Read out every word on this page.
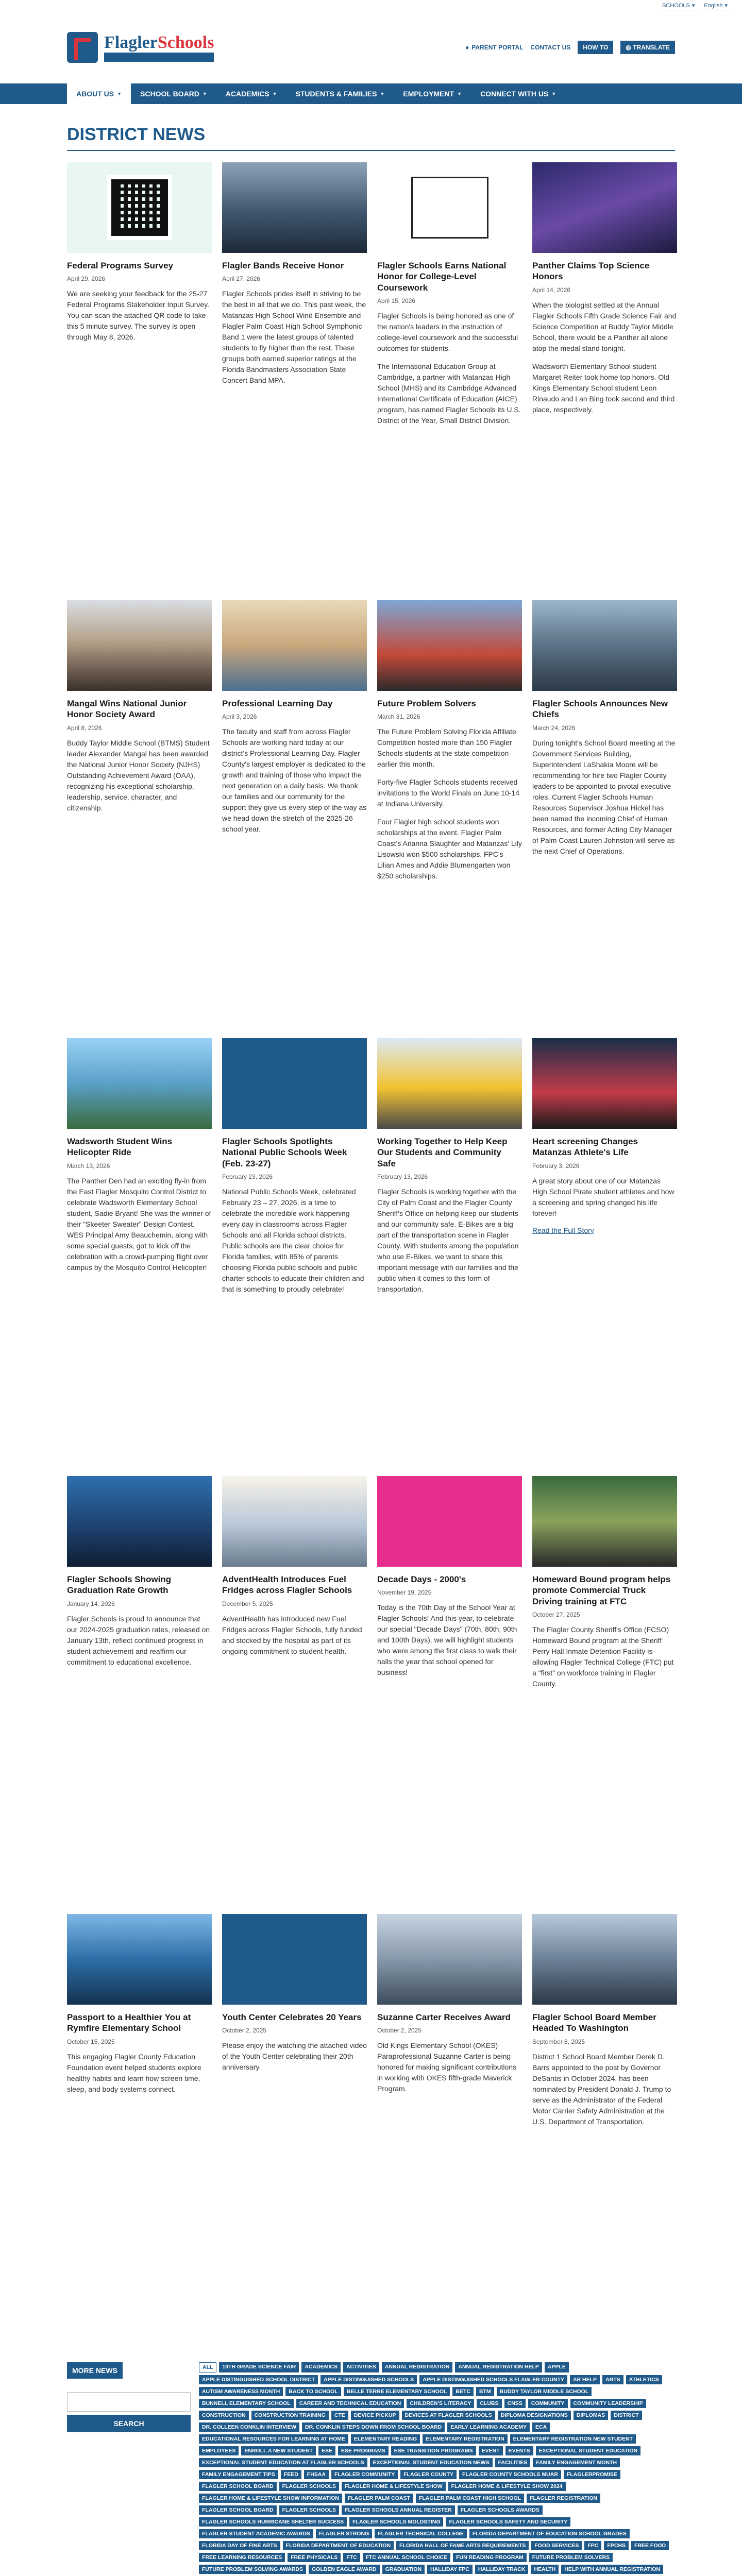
SCHOOLS ▾ English ▾
FlaglerSchools
Engage Educate Empower
● PARENT PORTAL CONTACT US	HOW TO	◍ TRANSLATE
ABOUT US ▼	SCHOOL BOARD ▼	ACADEMICS ▼	STUDENTS & FAMILIES ▼	EMPLOYMENT ▼	CONNECT WITH US ▼
DISTRICT NEWS
Federal Programs Survey
April 29, 2026

We are seeking your feedback for the 25-27 Federal Programs Stakeholder Input Survey. You can scan the attached QR code to take this 5 minute survey. The survey is open through May 8, 2026.

Flagler Bands Receive Honor
April 27, 2026

Flagler Schools prides itself in striving to be the best in all that we do. This past week, the Matanzas High School Wind Ensemble and Flagler Palm Coast High School Symphonic Band 1 were the latest groups of talented students to fly higher than the rest. These groups both earned superior ratings at the Florida Bandmasters Association State Concert Band MPA.

Flagler Schools Earns National Honor for College-Level Coursework
April 15, 2026

Flagler Schools is being honored as one of the nation's leaders in the instruction of college-level coursework and the successful outcomes for students.

The International Education Group at Cambridge, a partner with Matanzas High School (MHS) and its Cambridge Advanced International Certificate of Education (AICE) program, has named Flagler Schools its U.S. District of the Year, Small District Division.

Panther Claims Top Science Honors
April 14, 2026

When the biologist settled at the Annual Flagler Schools Fifth Grade Science Fair and Science Competition at Buddy Taylor Middle School, there would be a Panther all alone atop the medal stand tonight.

Wadsworth Elementary School student Margaret Reiter took home top honors. Old Kings Elementary School student Leon Rinaudo and Lan Bing took second and third place, respectively.

Mangal Wins National Junior Honor Society Award
April 8, 2026

Buddy Taylor Middle School (BTMS) Student leader Alexander Mangal has been awarded the National Junior Honor Society (NJHS) Outstanding Achievement Award (OAA), recognizing his exceptional scholarship, leadership, service, character, and citizenship.

Professional Learning Day
April 3, 2026

The faculty and staff from across Flagler Schools are working hard today at our district's Professional Learning Day. Flagler County's largest employer is dedicated to the growth and training of those who impact the next generation on a daily basis. We thank our families and our community for the support they give us every step of the way as we head down the stretch of the 2025-26 school year.

Future Problem Solvers
March 31, 2026

The Future Problem Solving Florida Affiliate Competition hosted more than 150 Flagler Schools students at the state competition earlier this month.

Forty-five Flagler Schools students received invitations to the World Finals on June 10-14 at Indiana University.

Four Flagler high school students won scholarships at the event. Flagler Palm Coast's Arianna Slaughter and Matanzas' Lily Lisowski won $500 scholarships. FPC's Lilian Ames and Addie Blumengarten won $250 scholarships.

Flagler Schools Announces New Chiefs
March 24, 2026

During tonight's School Board meeting at the Government Services Building, Superintendent LaShakia Moore will be recommending for hire two Flagler County leaders to be appointed to pivotal executive roles. Current Flagler Schools Human Resources Supervisor Joshua Hickel has been named the incoming Chief of Human Resources, and former Acting City Manager of Palm Coast Lauren Johnston will serve as the next Chief of Operations.

Wadsworth Student Wins Helicopter Ride
March 13, 2026

The Panther Den had an exciting fly-in from the East Flagler Mosquito Control District to celebrate Wadsworth Elementary School student, Sadie Bryant! She was the winner of their "Skeeter Sweater" Design Contest. WES Principal Amy Beauchemin, along with some special guests, got to kick off the celebration with a crowd-pumping flight over campus by the Mosquito Control Helicopter!

Flagler Schools Spotlights National Public Schools Week (Feb. 23-27)
February 23, 2026

National Public Schools Week, celebrated February 23 – 27, 2026, is a time to celebrate the incredible work happening every day in classrooms across Flagler Schools and all Florida school districts. Public schools are the clear choice for Florida families, with 85% of parents choosing Florida public schools and public charter schools to educate their children and that is something to proudly celebrate!

Working Together to Help Keep Our Students and Community Safe
February 13, 2026

Flagler Schools is working together with the City of Palm Coast and the Flagler County Sheriff's Office on helping keep our students and our community safe. E-Bikes are a big part of the transportation scene in Flagler County. With students among the population who use E-Bikes, we want to share this important message with our families and the public when it comes to this form of transportation.

Heart screening Changes Matanzas Athlete's Life
February 3, 2026

A great story about one of our Matanzas High School Pirate student athletes and how a screening and spring changed his life forever!

Read the Full Story
Flagler Schools Showing Graduation Rate Growth
January 14, 2026

Flagler Schools is proud to announce that our 2024-2025 graduation rates, released on January 13th, reflect continued progress in student achievement and reaffirm our commitment to educational excellence.

AdventHealth Introduces Fuel Fridges across Flagler Schools
December 5, 2025

AdventHealth has introduced new Fuel Fridges across Flagler Schools, fully funded and stocked by the hospital as part of its ongoing commitment to student health.

Decade Days - 2000's
November 19, 2025

Today is the 70th Day of the School Year at Flagler Schools! And this year, to celebrate our special "Decade Days" (70th, 80th, 90th and 100th Days), we will highlight students who were among the first class to walk their halls the year that school opened for business!

Homeward Bound program helps promote Commercial Truck Driving training at FTC
October 27, 2025

The Flagler County Sheriff's Office (FCSO) Homeward Bound program at the Sheriff Perry Hall Inmate Detention Facility is allowing Flagler Technical College (FTC) put a "first" on workforce training in Flagler County.

Passport to a Healthier You at Rymfire Elementary School
October 15, 2025

This engaging Flagler County Education Foundation event helped students explore healthy habits and learn how screen time, sleep, and body systems connect.

Youth Center Celebrates 20 Years
October 2, 2025

Please enjoy the watching the attached video of the Youth Center celebrating their 20th anniversary.

Suzanne Carter Receives Award
October 2, 2025

Old Kings Elementary School (OKES) Paraprofessional Suzanne Carter is being honored for making significant contributions in working with OKES fifth-grade Maverick Program.

Flagler School Board Member Headed To Washington
September 8, 2025

District 1 School Board Member Derek D. Barrs appointed to the post by Governor DeSantis in October 2024, has been nominated by President Donald J. Trump to serve as the Administrator of the Federal Motor Carrier Safety Administration at the U.S. Department of Transportation.

MORE NEWS  SEARCH
ALL	10TH GRADE SCIENCE FAIR	ACADEMICS	ACTIVITIES	ANNUAL REGISTRATION	ANNUAL REGISTRATION HELP	APPLE
APPLE DISTINGUISHED SCHOOL DISTRICT	APPLE DISTINGUISHED SCHOOLS	APPLE DISTINGUISHED SCHOOLS FLAGLER COUNTY	AR HELP	ARTS	ATHLETICS
AUTISM AWARENESS MONTH	BACK TO SCHOOL	BELLE TERRE ELEMENTARY SCHOOL	BETC	BTM	BUDDY TAYLOR MIDDLE SCHOOL
BUNNELL ELEMENTARY SCHOOL	CAREER AND TECHNICAL EDUCATION	CHILDREN'S LITERACY	CLUBS	CNSS	COMMUNITY	COMMUNITY LEADERSHIP
CONSTRUCTION	CONSTRUCTION TRAINING	CTE	DEVICE PICKUP	DEVICES AT FLAGLER SCHOOLS	DIPLOMA DESIGNATIONS	DIPLOMAS	DISTRICT
DR. COLLEEN CONKLIN INTERVIEW	DR. CONKLIN STEPS DOWN FROM SCHOOL BOARD	EARLY LEARNING ACADEMY	ECA
EDUCATIONAL RESOURCES FOR LEARNING AT HOME	ELEMENTARY READING	ELEMENTARY REGISTRATION	ELEMENTARY REGISTRATION NEW STUDENT
EMPLOYEES	ENROLL A NEW STUDENT	ESE	ESE PROGRAMS	ESE TRANSITION PROGRAMS	EVENT	EVENTS	EXCEPTIONAL STUDENT EDUCATION
EXCEPTIONAL STUDENT EDUCATION AT FLAGLER SCHOOLS	EXCEPTIONAL STUDENT EDUCATION NEWS	FACILITIES	FAMILY ENGAGEMENT MONTH
FAMILY ENGAGEMENT TIPS	FEED	FHSAA	FLAGLER COMMUNITY	FLAGLER COUNTY	FLAGLER COUNTY SCHOOLS MUAR	FLAGLERPROMISE
FLAGLER SCHOOL BOARD	FLAGLER SCHOOLS	FLAGLER HOME & LIFESTYLE SHOW	FLAGLER HOME & LIFESTYLE SHOW 2024
FLAGLER HOME & LIFESTYLE SHOW INFORMATION	FLAGLER PALM COAST	FLAGLER PALM COAST HIGH SCHOOL	FLAGLER REGISTRATION
FLAGLER SCHOOL BOARD	FLAGLER SCHOOLS	FLAGLER SCHOOLS ANNUAL REGISTER	FLAGLER SCHOOLS AWARDS
FLAGLER SCHOOLS HURRICANE SHELTER SUCCESS	FLAGLER SCHOOLS MOLDSTING	FLAGLER SCHOOLS SAFETY AND SECURITY
FLAGLER STUDENT ACADEMIC AWARDS	FLAGLER STRONG	FLAGLER TECHNICAL COLLEGE	FLORIDA DEPARTMENT OF EDUCATION SCHOOL GRADES
FLORIDA DAY OF FINE ARTS	FLORIDA DEPARTMENT OF EDUCATION	FLORIDA HALL OF FAME ARTS REQUIREMENTS	FOOD SERVICES	FPC	FPCHS	FREE FOOD
FREE LEARNING RESOURCES	FREE PHYSICALS	FTC	FTC ANNUAL SCHOOL CHOICE	FUN READING PROGRAM	FUTURE PROBLEM SOLVERS
FUTURE PROBLEM SOLVING AWARDS	GOLDEN EAGLE AWARD	GRADUATION	HALLIDAY FPC	HALLIDAY TRACK	HEALTH	HELP WITH ANNUAL REGISTRATION
